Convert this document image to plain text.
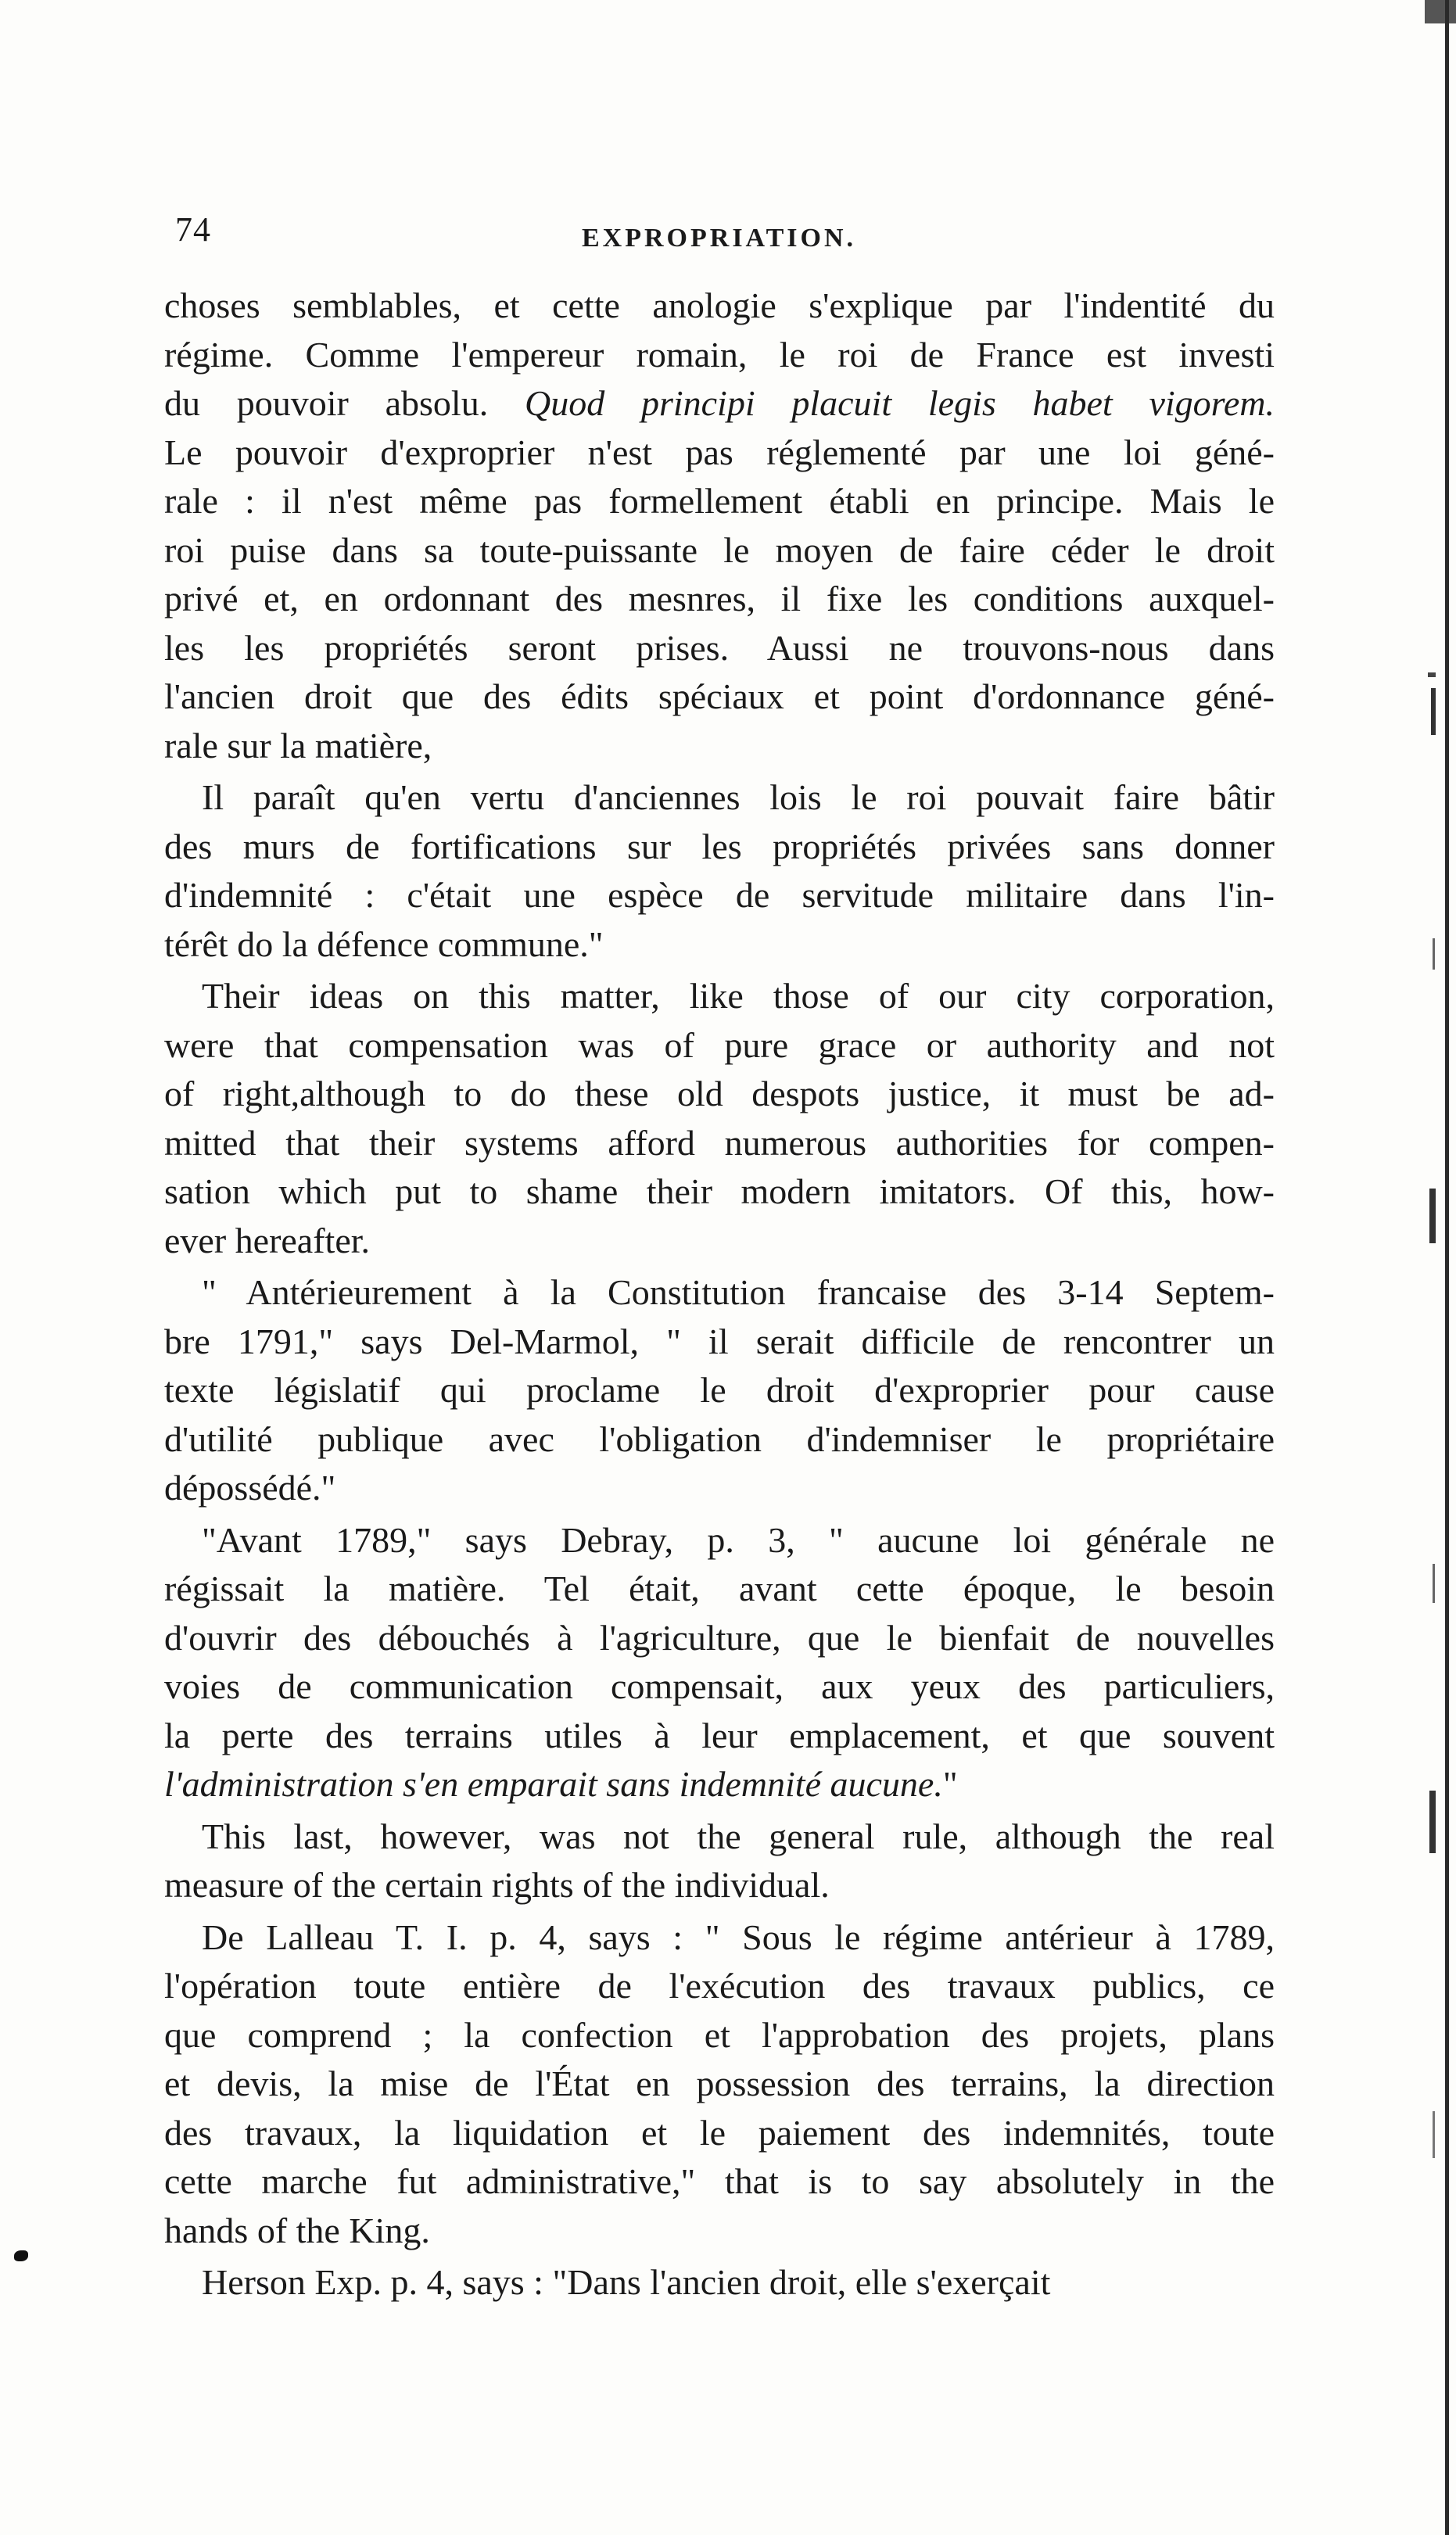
74	EXPROPRIATION.

choses semblables, et cette anologie s'explique par l'indentité du
régime. Comme l'empereur romain, le roi de France est investi
du pouvoir absolu. Quod principi placuit legis habet vigorem.
Le pouvoir d'exproprier n'est pas réglementé par une loi géné-
rale : il n'est même pas formellement établi en principe. Mais le
roi puise dans sa toute-puissante le moyen de faire céder le droit
privé et, en ordonnant des mesnres, il fixe les conditions auxquel-
les les propriétés seront prises. Aussi ne trouvons-nous dans
l'ancien droit que des édits spéciaux et point d'ordonnance géné-
rale sur la matière,

Il paraît qu'en vertu d'anciennes lois le roi pouvait faire bâtir
des murs de fortifications sur les propriétés privées sans donner
d'indemnité : c'était une espèce de servitude militaire dans l'in-
térêt do la défence commune."

Their ideas on this matter, like those of our city corporation,
were that compensation was of pure grace or authority and not
of right,although to do these old despots justice, it must be ad-
mitted that their systems afford numerous authorities for compen-
sation which put to shame their modern imitators. Of this, how-
ever hereafter.

" Antérieurement à la Constitution francaise des 3-14 Septem-
bre 1791," says Del-Marmol, " il serait difficile de rencontrer un
texte législatif qui proclame le droit d'exproprier pour cause
d'utilité publique avec l'obligation d'indemniser le propriétaire
dépossédé."

"Avant 1789," says Debray, p. 3, " aucune loi générale ne
régissait la matière. Tel était, avant cette époque, le besoin
d'ouvrir des débouchés à l'agriculture, que le bienfait de nouvelles
voies de communication compensait, aux yeux des particuliers,
la perte des terrains utiles à leur emplacement, et que souvent
l'administration s'en emparait sans indemnité aucune."

This last, however, was not the general rule, although the real
measure of the certain rights of the individual.

De Lalleau T. I. p. 4, says : " Sous le régime antérieur à 1789,
l'opération toute entière de l'exécution des travaux publics, ce
que comprend ; la confection et l'approbation des projets, plans
et devis, la mise de l'État en possession des terrains, la direction
des travaux, la liquidation et le paiement des indemnités, toute
cette marche fut administrative," that is to say absolutely in the
hands of the King.

Herson Exp. p. 4, says : "Dans l'ancien droit, elle s'exerçait
